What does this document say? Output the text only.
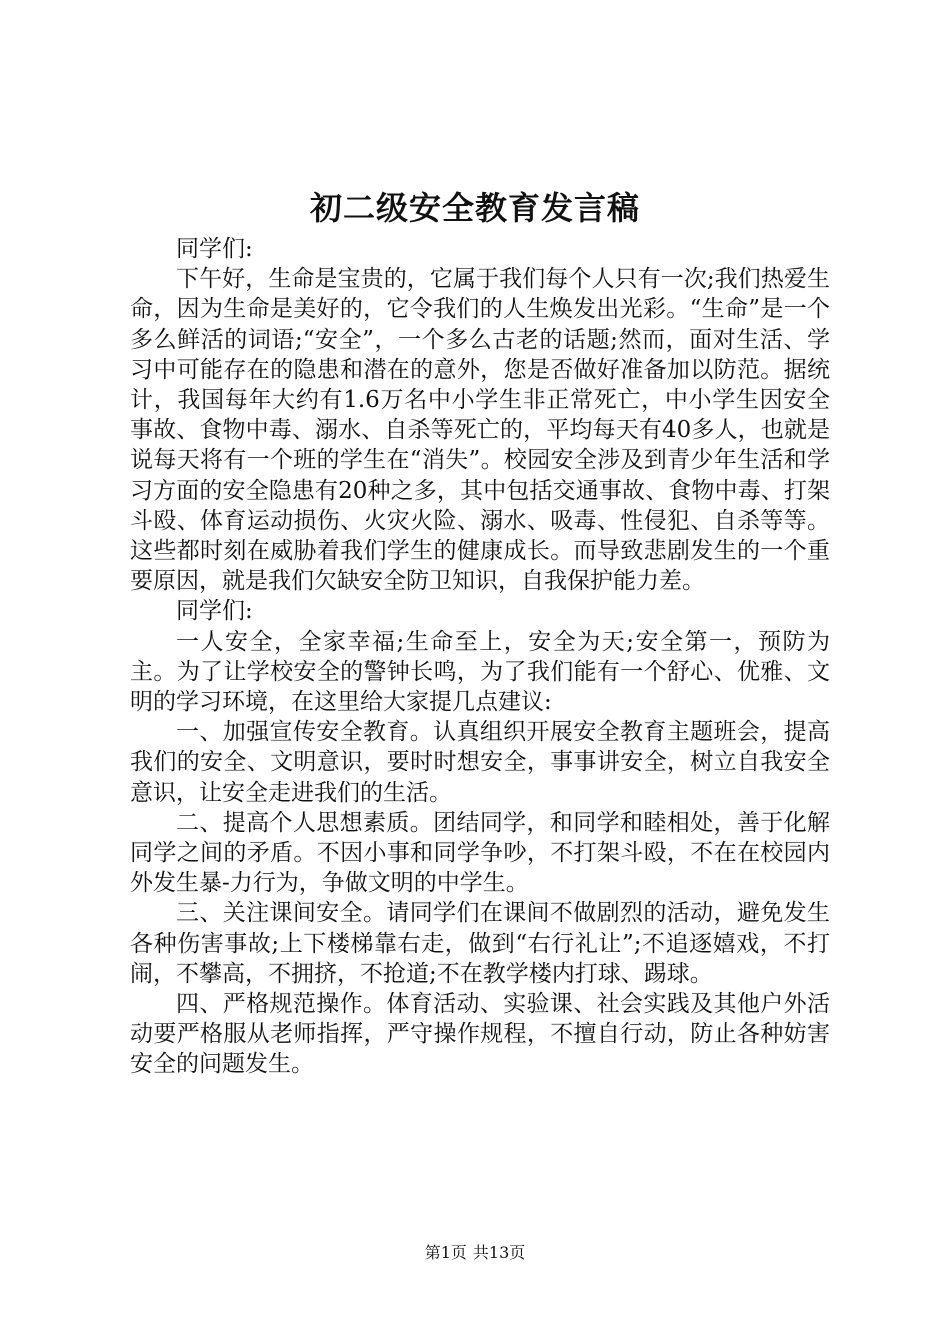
初二级安全教育发言稿

同学们:

下午好，生命是宝贵的，它属于我们每个人只有一次;我们热爱生命，因为生命是美好的，它令我们的人生焕发出光彩。“生命”是一个多么鲜活的词语;“安全”，一个多么古老的话题;然而，面对生活、学习中可能存在的隐患和潜在的意外，您是否做好准备加以防范。据统计，我国每年大约有1.6万名中小学生非正常死亡，中小学生因安全事故、食物中毒、溺水、自杀等死亡的，平均每天有40多人，也就是说每天将有一个班的学生在“消失”。校园安全涉及到青少年生活和学习方面的安全隐患有20种之多，其中包括交通事故、食物中毒、打架斗殴、体育运动损伤、火灾火险、溺水、吸毒、性侵犯、自杀等等。这些都时刻在威胁着我们学生的健康成长。而导致悲剧发生的一个重要原因，就是我们欠缺安全防卫知识，自我保护能力差。

同学们:

一人安全，全家幸福;生命至上，安全为天;安全第一，预防为主。为了让学校安全的警钟长鸣，为了我们能有一个舒心、优雅、文明的学习环境，在这里给大家提几点建议:

一、加强宣传安全教育。认真组织开展安全教育主题班会，提高我们的安全、文明意识，要时时想安全，事事讲安全，树立自我安全意识，让安全走进我们的生活。

二、提高个人思想素质。团结同学，和同学和睦相处，善于化解同学之间的矛盾。不因小事和同学争吵，不打架斗殴，不在在校园内外发生暴-力行为，争做文明的中学生。

三、关注课间安全。请同学们在课间不做剧烈的活动，避免发生各种伤害事故;上下楼梯靠右走，做到“右行礼让”;不追逐嬉戏，不打闹，不攀高，不拥挤，不抢道;不在教学楼内打球、踢球。

四、严格规范操作。体育活动、实验课、社会实践及其他户外活动要严格服从老师指挥，严守操作规程，不擅自行动，防止各种妨害安全的问题发生。

第1页 共13页
